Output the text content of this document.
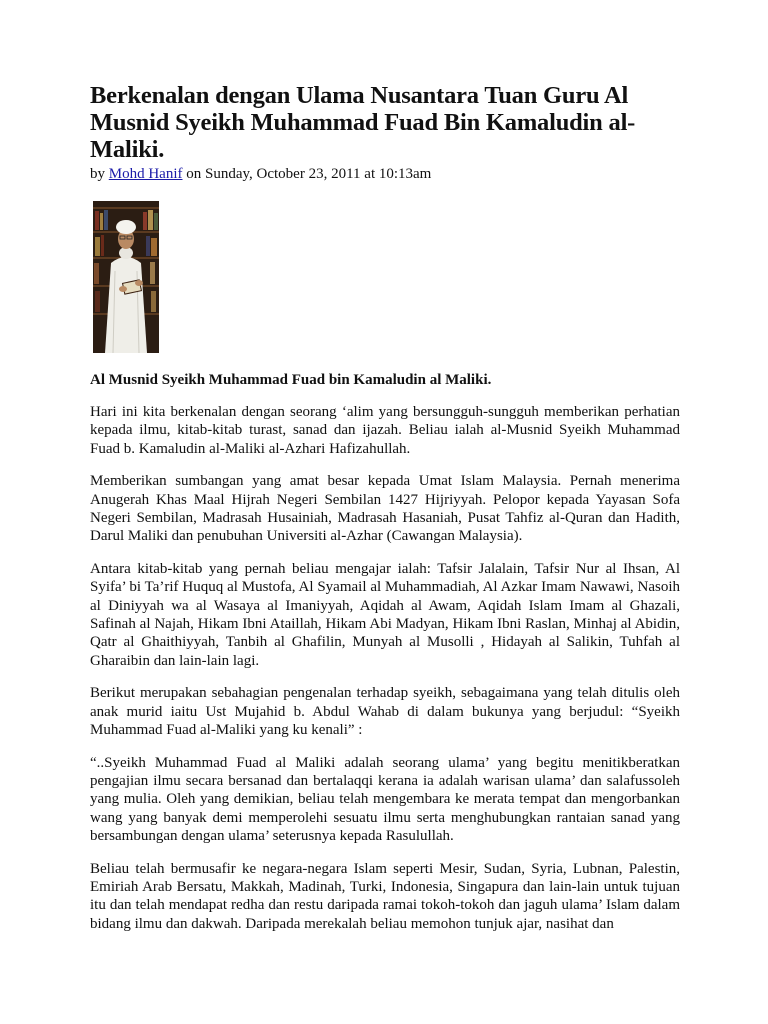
Berkenalan dengan Ulama Nusantara Tuan Guru Al Musnid Syeikh Muhammad Fuad Bin Kamaludin al-Maliki.

by Mohd Hanif on Sunday, October 23, 2011 at 10:13am

Al Musnid Syeikh Muhammad Fuad bin Kamaludin al Maliki.

Hari ini kita berkenalan dengan seorang ‘alim yang bersungguh-sungguh memberikan perhatian kepada ilmu, kitab-kitab turast, sanad dan ijazah. Beliau ialah al-Musnid Syeikh Muhammad Fuad b. Kamaludin al-Maliki al-Azhari Hafizahullah.

Memberikan sumbangan yang amat besar kepada Umat Islam Malaysia. Pernah menerima Anugerah Khas Maal Hijrah Negeri Sembilan 1427 Hijriyyah. Pelopor kepada Yayasan Sofa Negeri Sembilan, Madrasah Husainiah, Madrasah Hasaniah, Pusat Tahfiz al-Quran dan Hadith, Darul Maliki dan penubuhan Universiti al-Azhar (Cawangan Malaysia).

Antara kitab-kitab yang pernah beliau mengajar ialah: Tafsir Jalalain, Tafsir Nur al Ihsan, Al Syifa’ bi Ta’rif Huquq al Mustofa, Al Syamail al Muhammadiah, Al Azkar Imam Nawawi, Nasoih al Diniyyah wa al Wasaya al Imaniyyah, Aqidah al Awam, Aqidah Islam Imam al Ghazali, Safinah al Najah, Hikam Ibni Ataillah, Hikam Abi Madyan, Hikam Ibni Raslan, Minhaj al Abidin, Qatr al Ghaithiyyah, Tanbih al Ghafilin, Munyah al Musolli , Hidayah al Salikin, Tuhfah al Gharaibin dan lain-lain lagi.

Berikut merupakan sebahagian pengenalan terhadap syeikh, sebagaimana yang telah ditulis oleh anak murid iaitu Ust Mujahid b. Abdul Wahab di dalam bukunya yang berjudul: “Syeikh Muhammad Fuad al-Maliki yang ku kenali” :

“..Syeikh Muhammad Fuad al Maliki adalah seorang ulama’ yang begitu menitikberatkan pengajian ilmu secara bersanad dan bertalaqqi kerana ia adalah warisan ulama’ dan salafussoleh yang mulia. Oleh yang demikian, beliau telah mengembara ke merata tempat dan mengorbankan wang yang banyak demi memperolehi sesuatu ilmu serta menghubungkan rantaian sanad yang bersambungan dengan ulama’ seterusnya kepada Rasulullah.

Beliau telah bermusafir ke negara-negara Islam seperti Mesir, Sudan, Syria, Lubnan, Palestin, Emiriah Arab Bersatu, Makkah, Madinah, Turki, Indonesia, Singapura dan lain-lain untuk tujuan itu dan telah mendapat redha dan restu daripada ramai tokoh-tokoh dan jaguh ulama’ Islam dalam bidang ilmu dan dakwah. Daripada merekalah beliau memohon tunjuk ajar, nasihat dan
